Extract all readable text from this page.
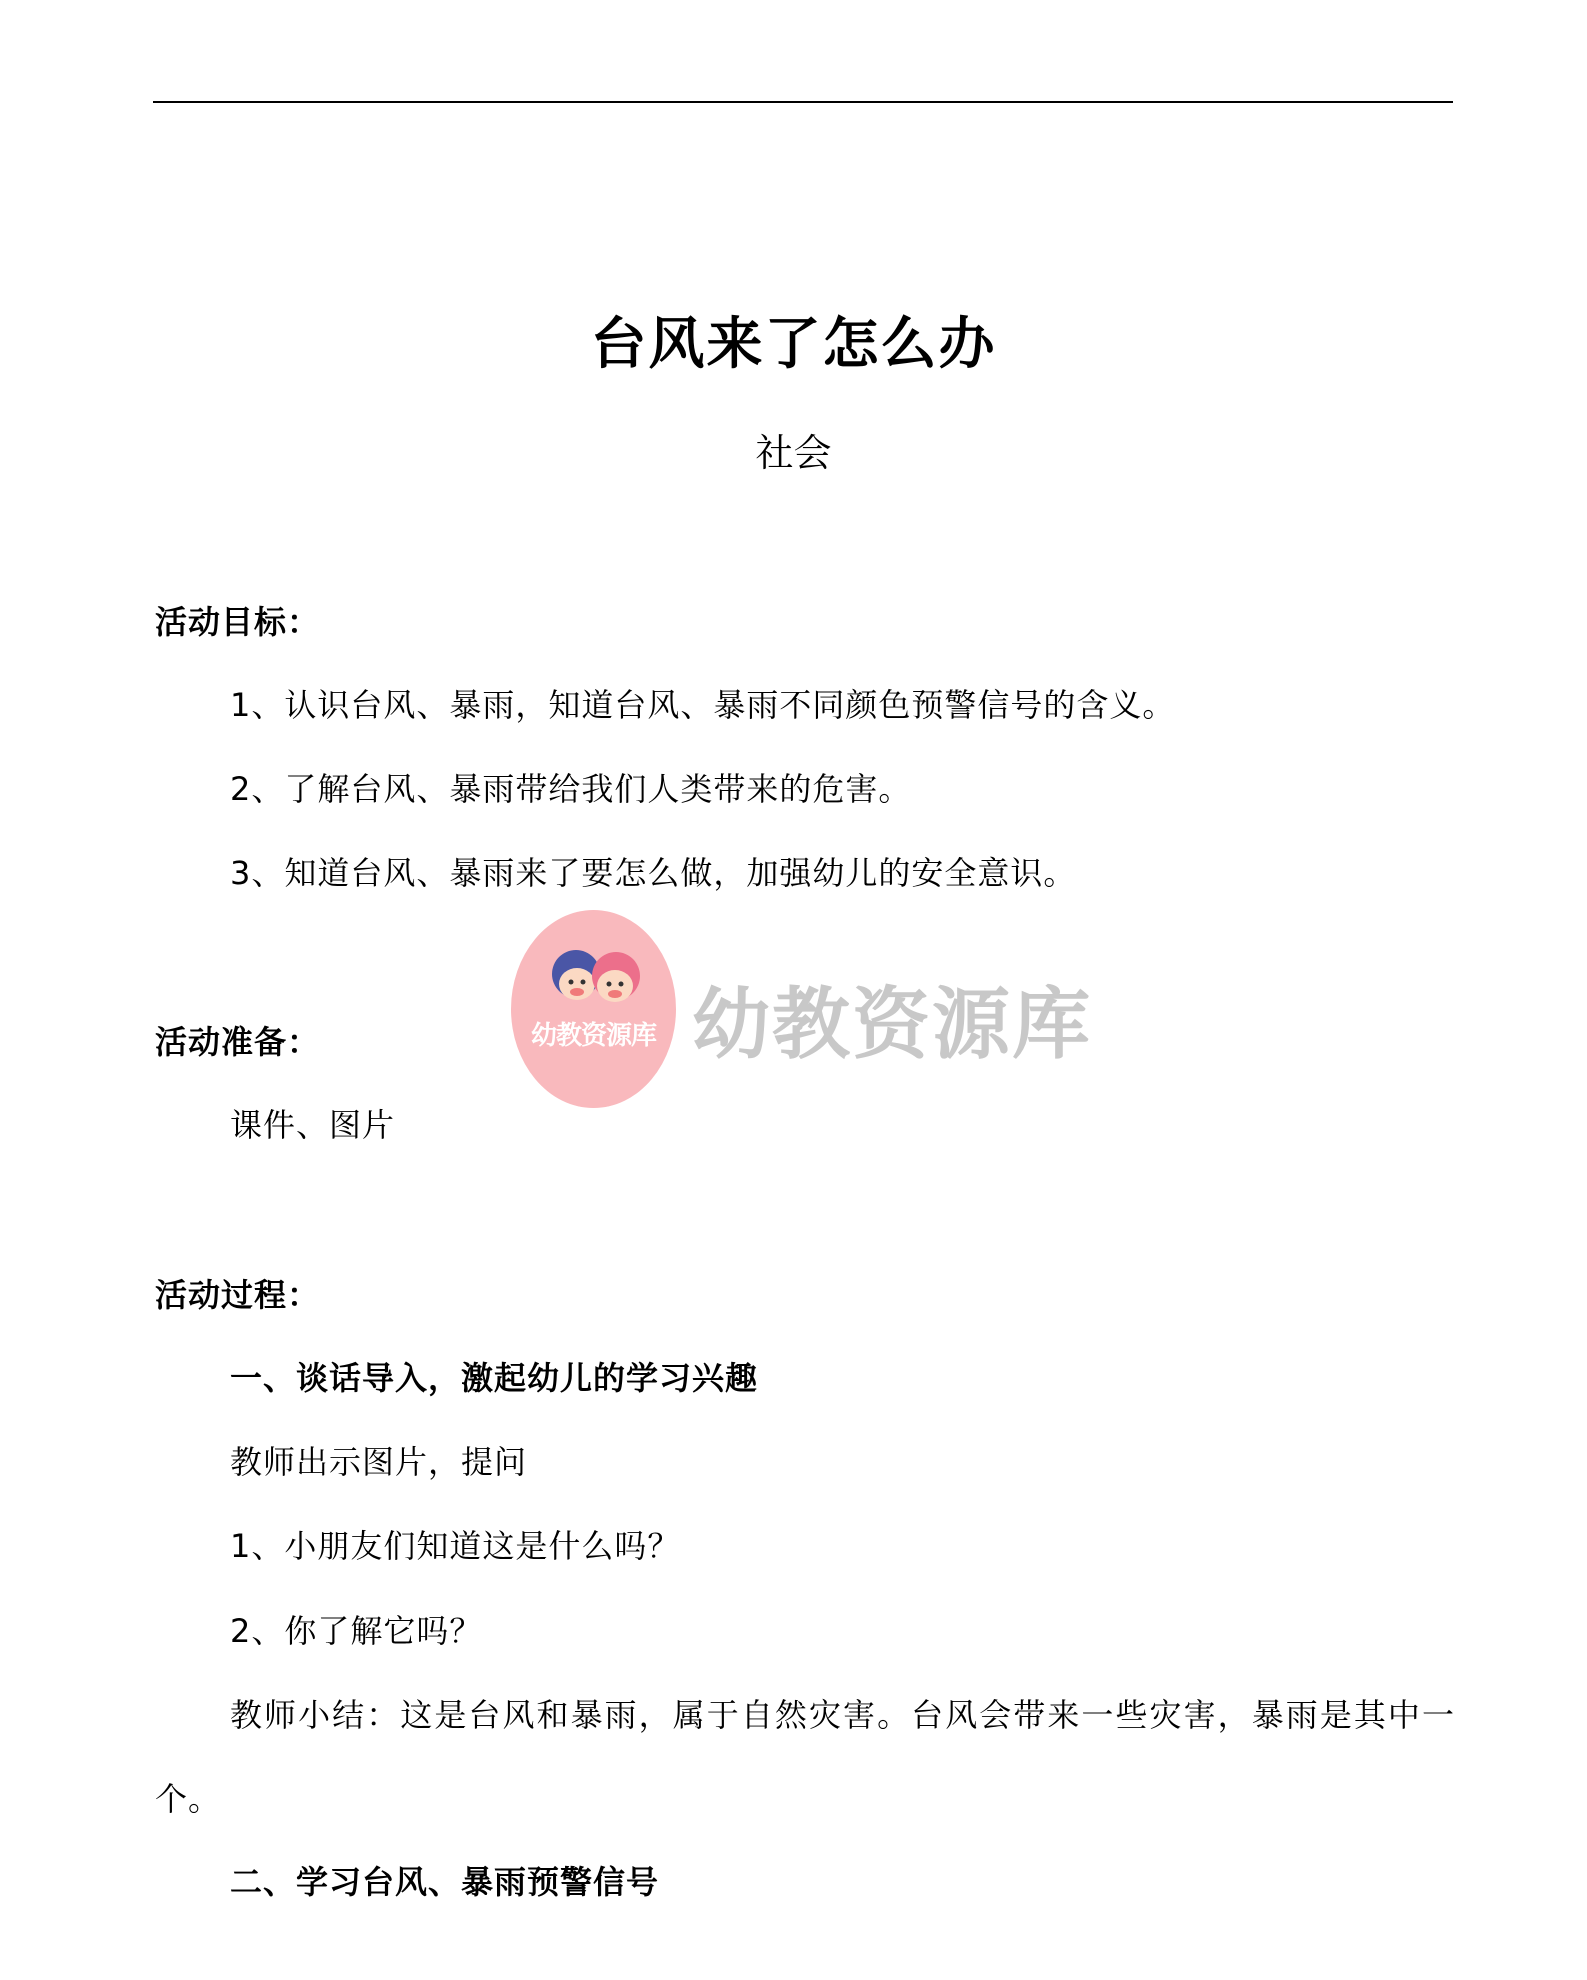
台风来了怎么办
社会
活动目标：
1、认识台风、暴雨，知道台风、暴雨不同颜色预警信号的含义。
2、了解台风、暴雨带给我们人类带来的危害。
3、知道台风、暴雨来了要怎么做，加强幼儿的安全意识。
幼教资源库 幼教资源库
活动准备：
课件、图片
活动过程：
一、谈话导入，激起幼儿的学习兴趣
教师出示图片，提问
1、小朋友们知道这是什么吗？
2、你了解它吗？
教师小结：这是台风和暴雨，属于自然灾害。台风会带来一些灾害，暴雨是其中一个。
二、学习台风、暴雨预警信号
